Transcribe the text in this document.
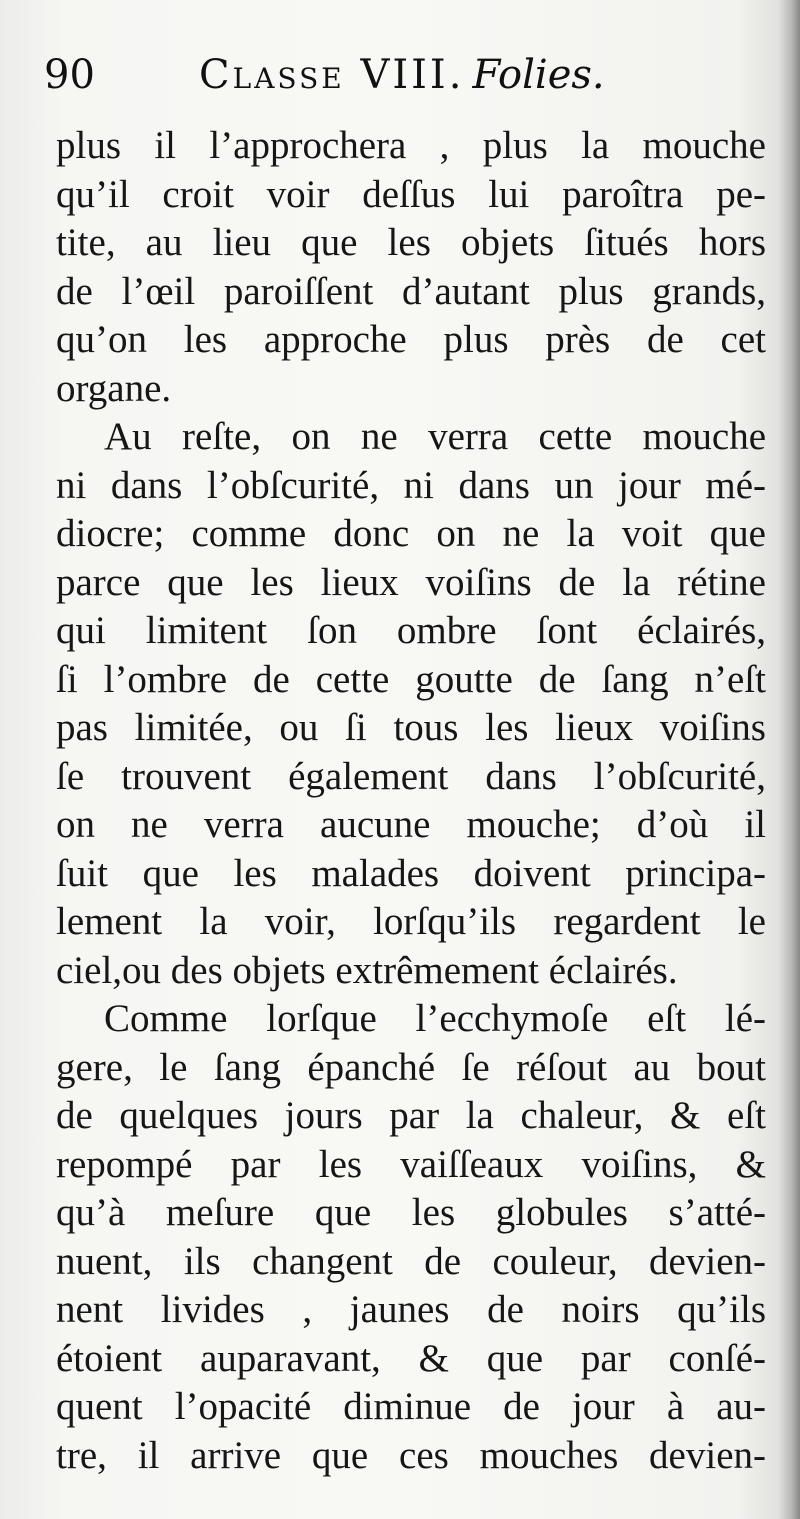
90	Classe VIII. Folies.
plus il l’approchera , plus la mouche
qu’il croit voir deſſus lui paroîtra pe-
tite, au lieu que les objets ſitués hors
de l’œil paroiſſent d’autant plus grands,
qu’on les approche plus près de cet
organe.
Au reſte, on ne verra cette mouche
ni dans l’obſcurité, ni dans un jour mé-
diocre; comme donc on ne la voit que
parce que les lieux voiſins de la rétine
qui limitent ſon ombre ſont éclairés,
ſi l’ombre de cette goutte de ſang n’eſt
pas limitée, ou ſi tous les lieux voiſins
ſe trouvent également dans l’obſcurité,
on ne verra aucune mouche; d’où il
ſuit que les malades doivent principa-
lement la voir, lorſqu’ils regardent le
ciel,ou des objets extrêmement éclairés.
Comme lorſque l’ecchymoſe eſt lé-
gere, le ſang épanché ſe réſout au bout
de quelques jours par la chaleur, & eſt
repompé par les vaiſſeaux voiſins, &
qu’à meſure que les globules s’atté-
nuent, ils changent de couleur, devien-
nent livides , jaunes de noirs qu’ils
étoient auparavant, & que par conſé-
quent l’opacité diminue de jour à au-
tre, il arrive que ces mouches devien-
